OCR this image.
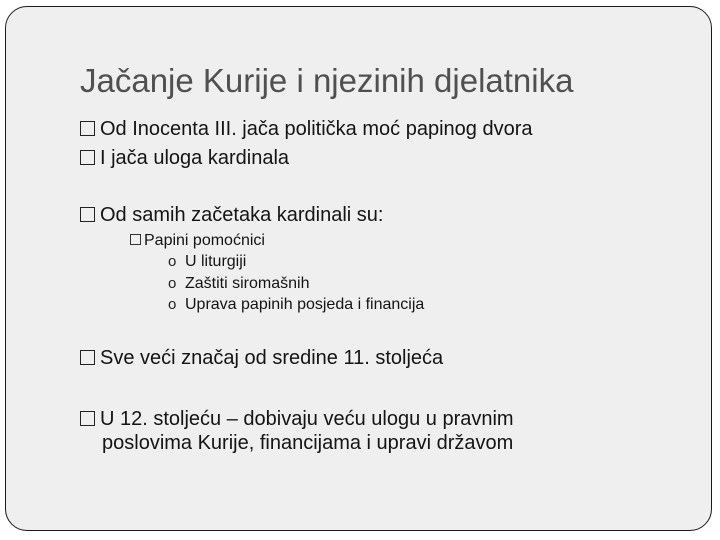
Jačanje Kurije i njezinih djelatnika
Od Inocenta III. jača politička moć papinog dvora
I jača uloga kardinala
Od samih začetaka kardinali su:
Papini pomoćnici
o U liturgiji
o Zaštiti siromašnih
o Uprava papinih posjeda i financija
Sve veći značaj od sredine 11. stoljeća
U 12. stoljeću – dobivaju veću ulogu u pravnim
poslovima Kurije, financijama i upravi državom
